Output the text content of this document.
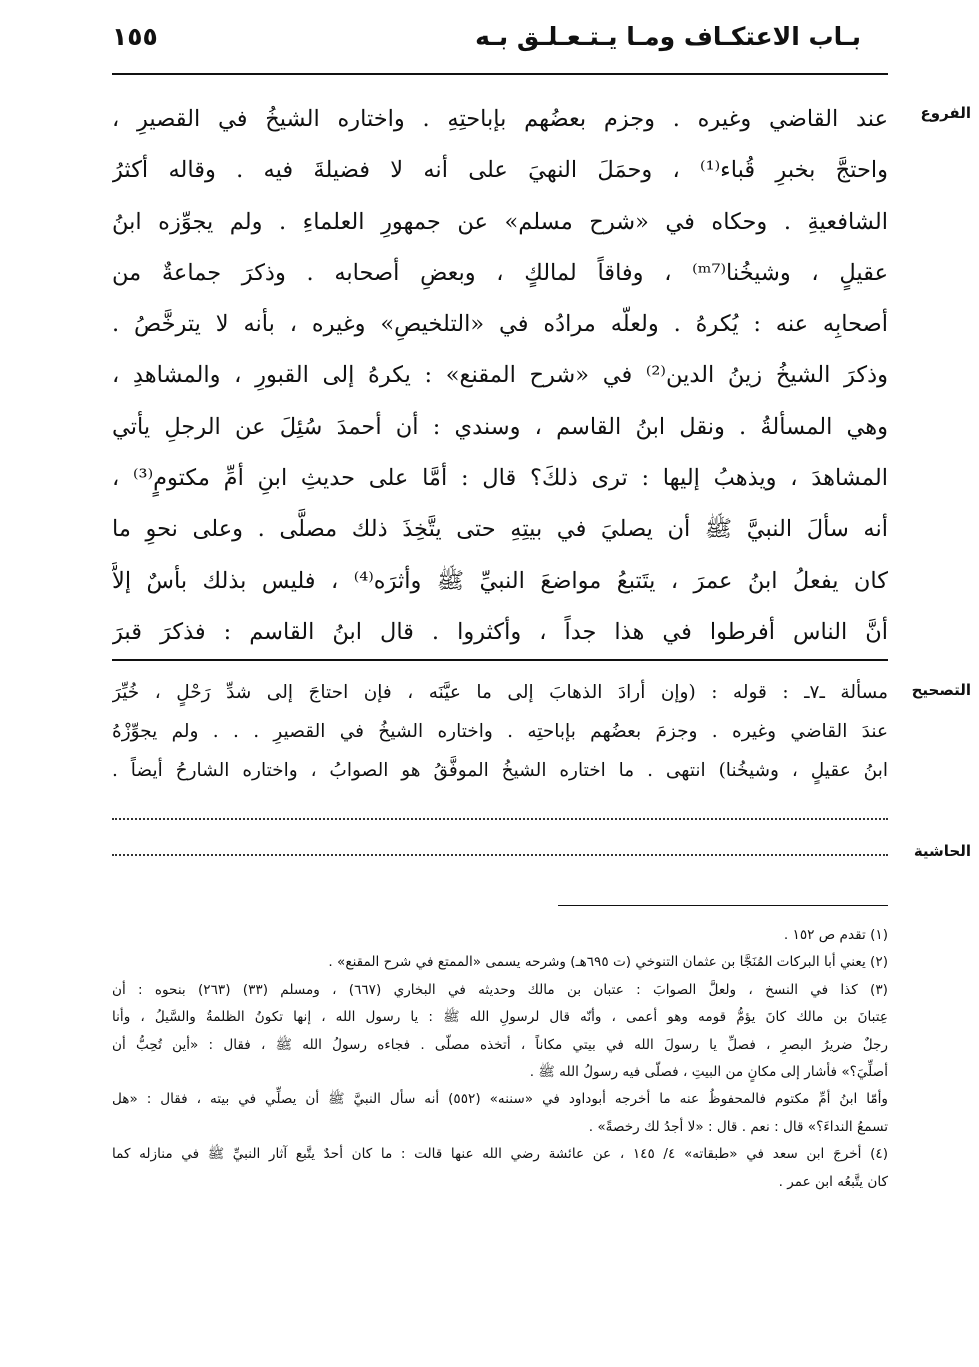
بـاب الاعتكـاف ومـا يـتـعـلـق بـه
١٥٥
الفروع
عند القاضي وغيره . وجزم بعضُهم بإباحتِهِ . واختاره الشيخُ في القصيرِ ،
واحتجَّ بخبرِ قُباء⁽¹⁾ ، وحمَلَ النهيَ على أنه لا فضيلةَ فيه . وقاله أكثرُ
الشافعيةِ . وحكاه في «شرح مسلم» عن جمهورِ العلماءِ . ولم يجوِّزه ابنُ
عقيلٍ ، وشيخُنا⁽ᵐ⁷⁾ ، وفاقاً لمالكٍ ، وبعضِ أصحابه . وذكرَ جماعةٌ من
أصحابِه عنه : يُكرهُ . ولعلّه مرادُه في «التلخيصِ» وغيره ، بأنه لا يترخَّصُ .
وذكرَ الشيخُ زينُ الدين⁽²⁾ في «شرح المقنع» : يكرهُ إلى القبورِ ، والمشاهدِ ،
وهي المسألةُ . ونقل ابنُ القاسم ، وسندي : أن أحمدَ سُئِلَ عن الرجلِ يأتي
المشاهدَ ، ويذهبُ إليها : ترى ذلكَ؟ قال : أمَّا على حديثِ ابنِ أمِّ مكتومٍ⁽³⁾ ،
أنه سألَ النبيَّ ﷺ أن يصليَ في بيتِهِ حتى يتَّخِذَ ذلك مصلَّى . وعلى نحوِ ما
كان يفعلُ ابنُ عمرَ ، يتَتبعُ مواضعَ النبيِّ ﷺ وأثرَه⁽⁴⁾ ، فليس بذلك بأسٌ إلاَّ
أنَّ الناس أفرطوا في هذا جداً ، وأكثروا . قال ابنُ القاسم : فذكرَ قبرَ
التصحيح
مسألة ـ٧ـ : قوله : (وإن أرادَ الذهابَ إلى ما عيَّنَه ، فإن احتاجَ إلى شدِّ رَحْلٍ ، خُيِّرَ
عندَ القاضي وغيره . وجزمَ بعضُهم بإباحتِه . واختاره الشيخُ في القصيرِ . . . ولم يجوِّزْهُ
ابنُ عقيلٍ ، وشيخُنا) انتهى . ما اختاره الشيخُ الموفَّقُ هو الصوابُ ، واختاره الشارحُ أيضاً .
الحاشية
(١) تقدم ص ١٥٢ .
(٢) يعني أبا البركات المُنَجَّا بن عثمان التنوخي (ت ٦٩٥هـ) وشرحه يسمى «الممتع في شرح المقنع» .
(٣) كذا في النسخ ، ولعلَّ الصوابَ : عتبان بن مالك وحديثه في البخاري (٦٦٧) ، ومسلم (٣٣) (٢٦٣) بنحوه : أن
عِتبانَ بن مالك كانَ يؤمُّ قومه وهو أعمى ، وأنّه قال لرسولِ الله ﷺ : يا رسول الله ، إنها تكونُ الظلمةُ والسَّيلُ ، وأنا
رجلٌ ضريرُ البصرِ ، فصلِّ يا رسولَ الله في بيتي مكاناً ، أتخذه مصلّى . فجاءه رسولُ الله ﷺ ، فقال : «أين تُحِبُّ أن
أصلِّيَ؟» فأشار إلى مكانٍ من البيتِ ، فصلّى فيه رسولُ الله ﷺ .
وأمّا ابنُ أمِّ مكتوم فالمحفوظُ عنه ما أخرجه أبوداود في «سننه» (٥٥٢) أنه سأل النبيَّ ﷺ أن يصلِّي في بيته ، فقال : «هل
تسمعُ النداءَ؟» قال : نعم . قال : «لا أجدُ لك رخصةً» .
(٤) أخرجَ ابن سعد في «طبقاته» ٤/ ١٤٥ ، عن عائشة رضي الله عنها قالت : ما كان أحدٌ يتَّبع آثار النبيِّ ﷺ في منازله كما
كان يتَّبعُه ابن عمر .
